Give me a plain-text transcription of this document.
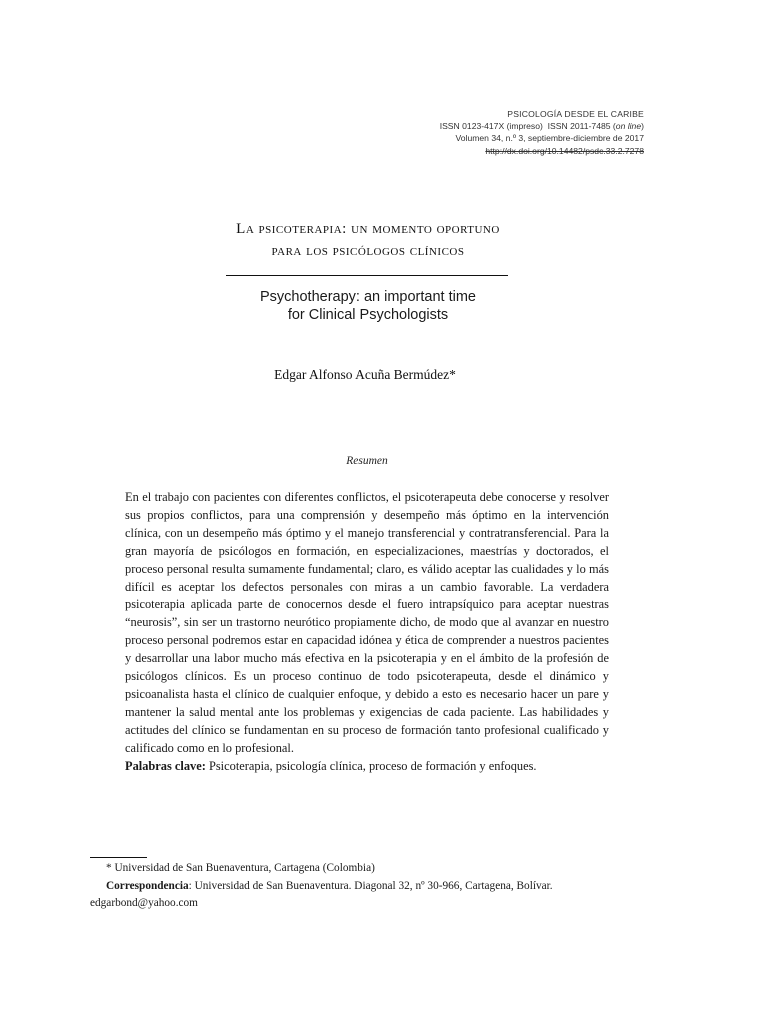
PSICOLOGÍA DESDE EL CARIBE
ISSN 0123-417X (impreso) ISSN 2011-7485 (on line)
Volumen 34, n.º 3, septiembre-diciembre de 2017
http://dx.doi.org/10.14482/psdc.33.2.7278
La psicoterapia: un momento oportuno
para los psicólogos clínicos
Psychotherapy: an important time
for Clinical Psychologists
Edgar Alfonso Acuña Bermúdez*
Resumen

En el trabajo con pacientes con diferentes conflictos, el psicoterapeuta debe conocerse y resolver sus propios conflictos, para una comprensión y desempeño más óptimo en la intervención clínica, con un desempeño más óptimo y el manejo transferencial y contratransferencial. Para la gran mayoría de psicólogos en formación, en especializaciones, maestrías y doctorados, el proceso personal resulta sumamente fundamental; claro, es válido aceptar las cualidades y lo más difícil es aceptar los defectos personales con miras a un cambio favorable. La verdadera psicoterapia aplicada parte de conocernos desde el fuero intrapsíquico para aceptar nuestras “neurosis”, sin ser un trastorno neurótico propiamente dicho, de modo que al avanzar en nuestro proceso personal podremos estar en capacidad idónea y ética de comprender a nuestros pacientes y desarrollar una labor mucho más efectiva en la psicoterapia y en el ámbito de la profesión de psicólogos clínicos. Es un proceso continuo de todo psicoterapeuta, desde el dinámico y psicoanalista hasta el clínico de cualquier enfoque, y debido a esto es necesario hacer un pare y mantener la salud mental ante los problemas y exigencias de cada paciente. Las habilidades y actitudes del clínico se fundamentan en su proceso de formación tanto profesional cualificado y calificado como en lo profesional.

Palabras clave: Psicoterapia, psicología clínica, proceso de formación y enfoques.

* Universidad de San Buenaventura, Cartagena (Colombia)

Correspondencia: Universidad de San Buenaventura. Diagonal 32, nº 30-966, Cartagena, Bolívar. edgarbond@yahoo.com
